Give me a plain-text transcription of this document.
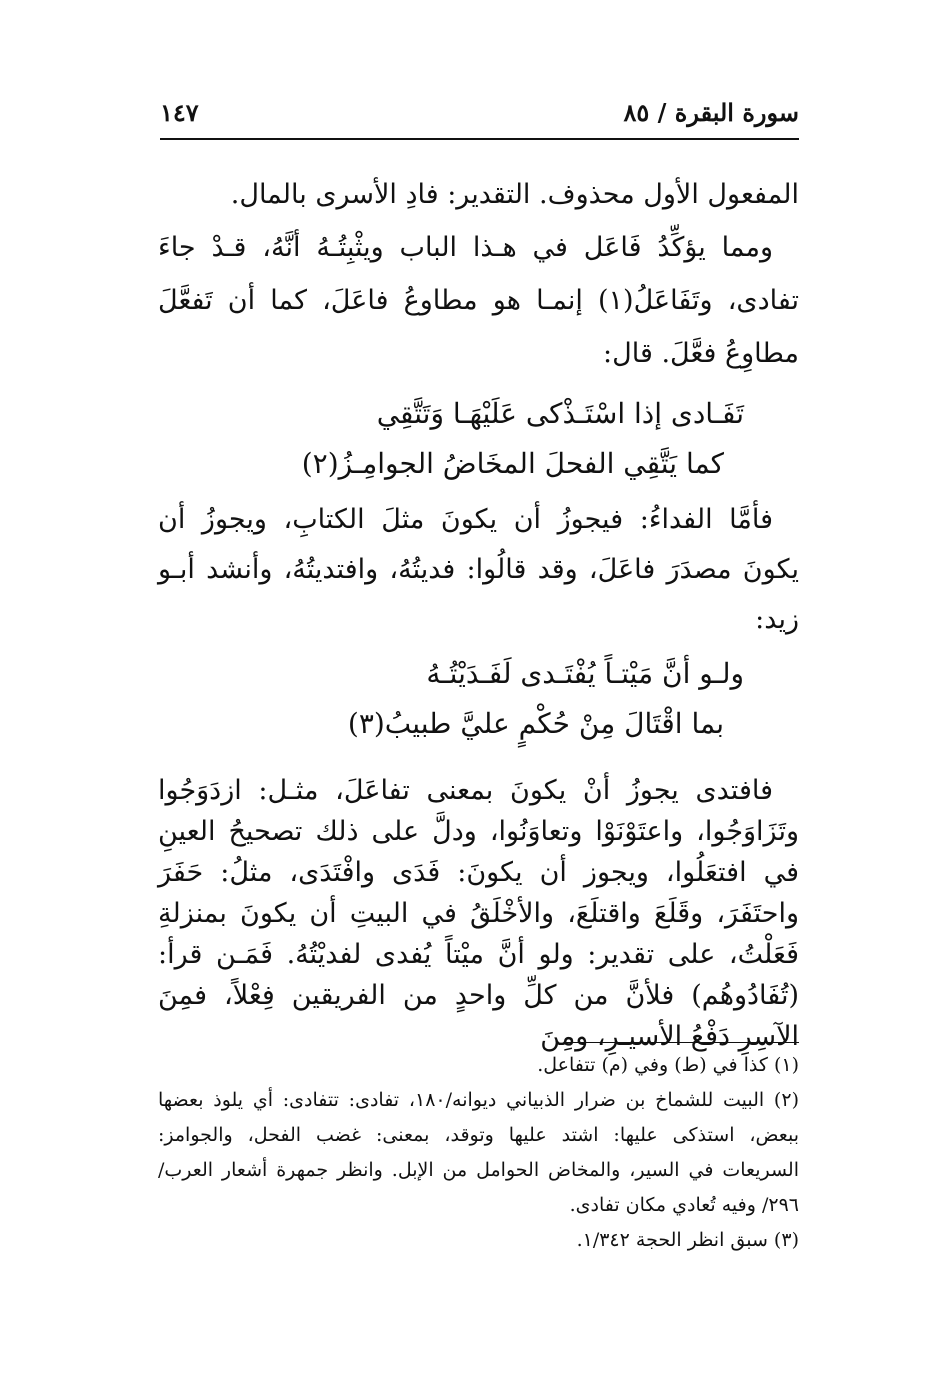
سورة البقرة / ٨٥
١٤٧

المفعول الأول محذوف. التقدير: فادِ الأسرى بالمال.

ومما يؤكِّدُ فَاعَل في هـذا الباب ويثْبِتُـهُ أنَّهُ، قـدْ جاءَ تفادى، وتَفَاعَلُ(١) إنمـا هو مطاوعُ فاعَلَ، كما أن تَفعَّلَ مطاوِعُ فعَّلَ. قال:

تَفَـادى إذا اسْتَـذْكى عَلَيْهَـا وَتَتَّقِي
كما يَتَّقِي الفحلَ المخَاضُ الجوامِـزُ(٢)

فأمَّا الفداءُ: فيجوزُ أن يكونَ مثلَ الكتابِ، ويجوزُ أن يكونَ مصدَرَ فاعَلَ، وقد قالُوا: فديتُهُ، وافتديتُهُ، وأنشد أبـو زيد:

ولـو أنَّ مَيْتـاً يُفْتَـدى لَفَـدَيْتُـهُ
بما اقْتَالَ مِنْ حُكْمٍ عليَّ طبيبُ(٣)

فافتدى يجوزُ أنْ يكونَ بمعنى تفاعَلَ، مثـل: ازدَوَجُوا وتَزَاوَجُوا، واعتَوْنَوْا وتعاوَنُوا، ودلَّ على ذلك تصحيحُ العينِ في افتعَلُوا، ويجوز أن يكونَ: فَدَى وافْتَدَى، مثلُ: حَفَرَ واحتَفَرَ، وقَلَعَ واقتلَعَ، والأخْلَقُ في البيتِ أن يكونَ بمنزلةِ فَعَلْتُ، على تقدير: ولو أنَّ ميْتاً يُفدى لفديْتُهُ. فَمَـن قرأ: (تُفَادُوهُم) فلأنَّ من كلِّ واحدٍ من الفريقين فِعْلاً، فمِنَ الآسِرِ دَفْعُ الأسيـرِ، ومِنَ

(١) كذا في (ط) وفي (م) تتفاعل.

(٢) البيت للشماخ بن ضرار الذبياني ديوانه/١٨٠، تفادى: تتفادى: أي يلوذ بعضها ببعض، استذكى عليها: اشتد عليها وتوقد، بمعنى: غضب الفحل، والجوامز: السريعات في السير، والمخاض الحوامل من الإبل. وانظر جمهرة أشعار العرب/٢٩٦/ وفيه تُعادي مكان تفادى.

(٣) سبق انظر الحجة ١/٣٤٢.
